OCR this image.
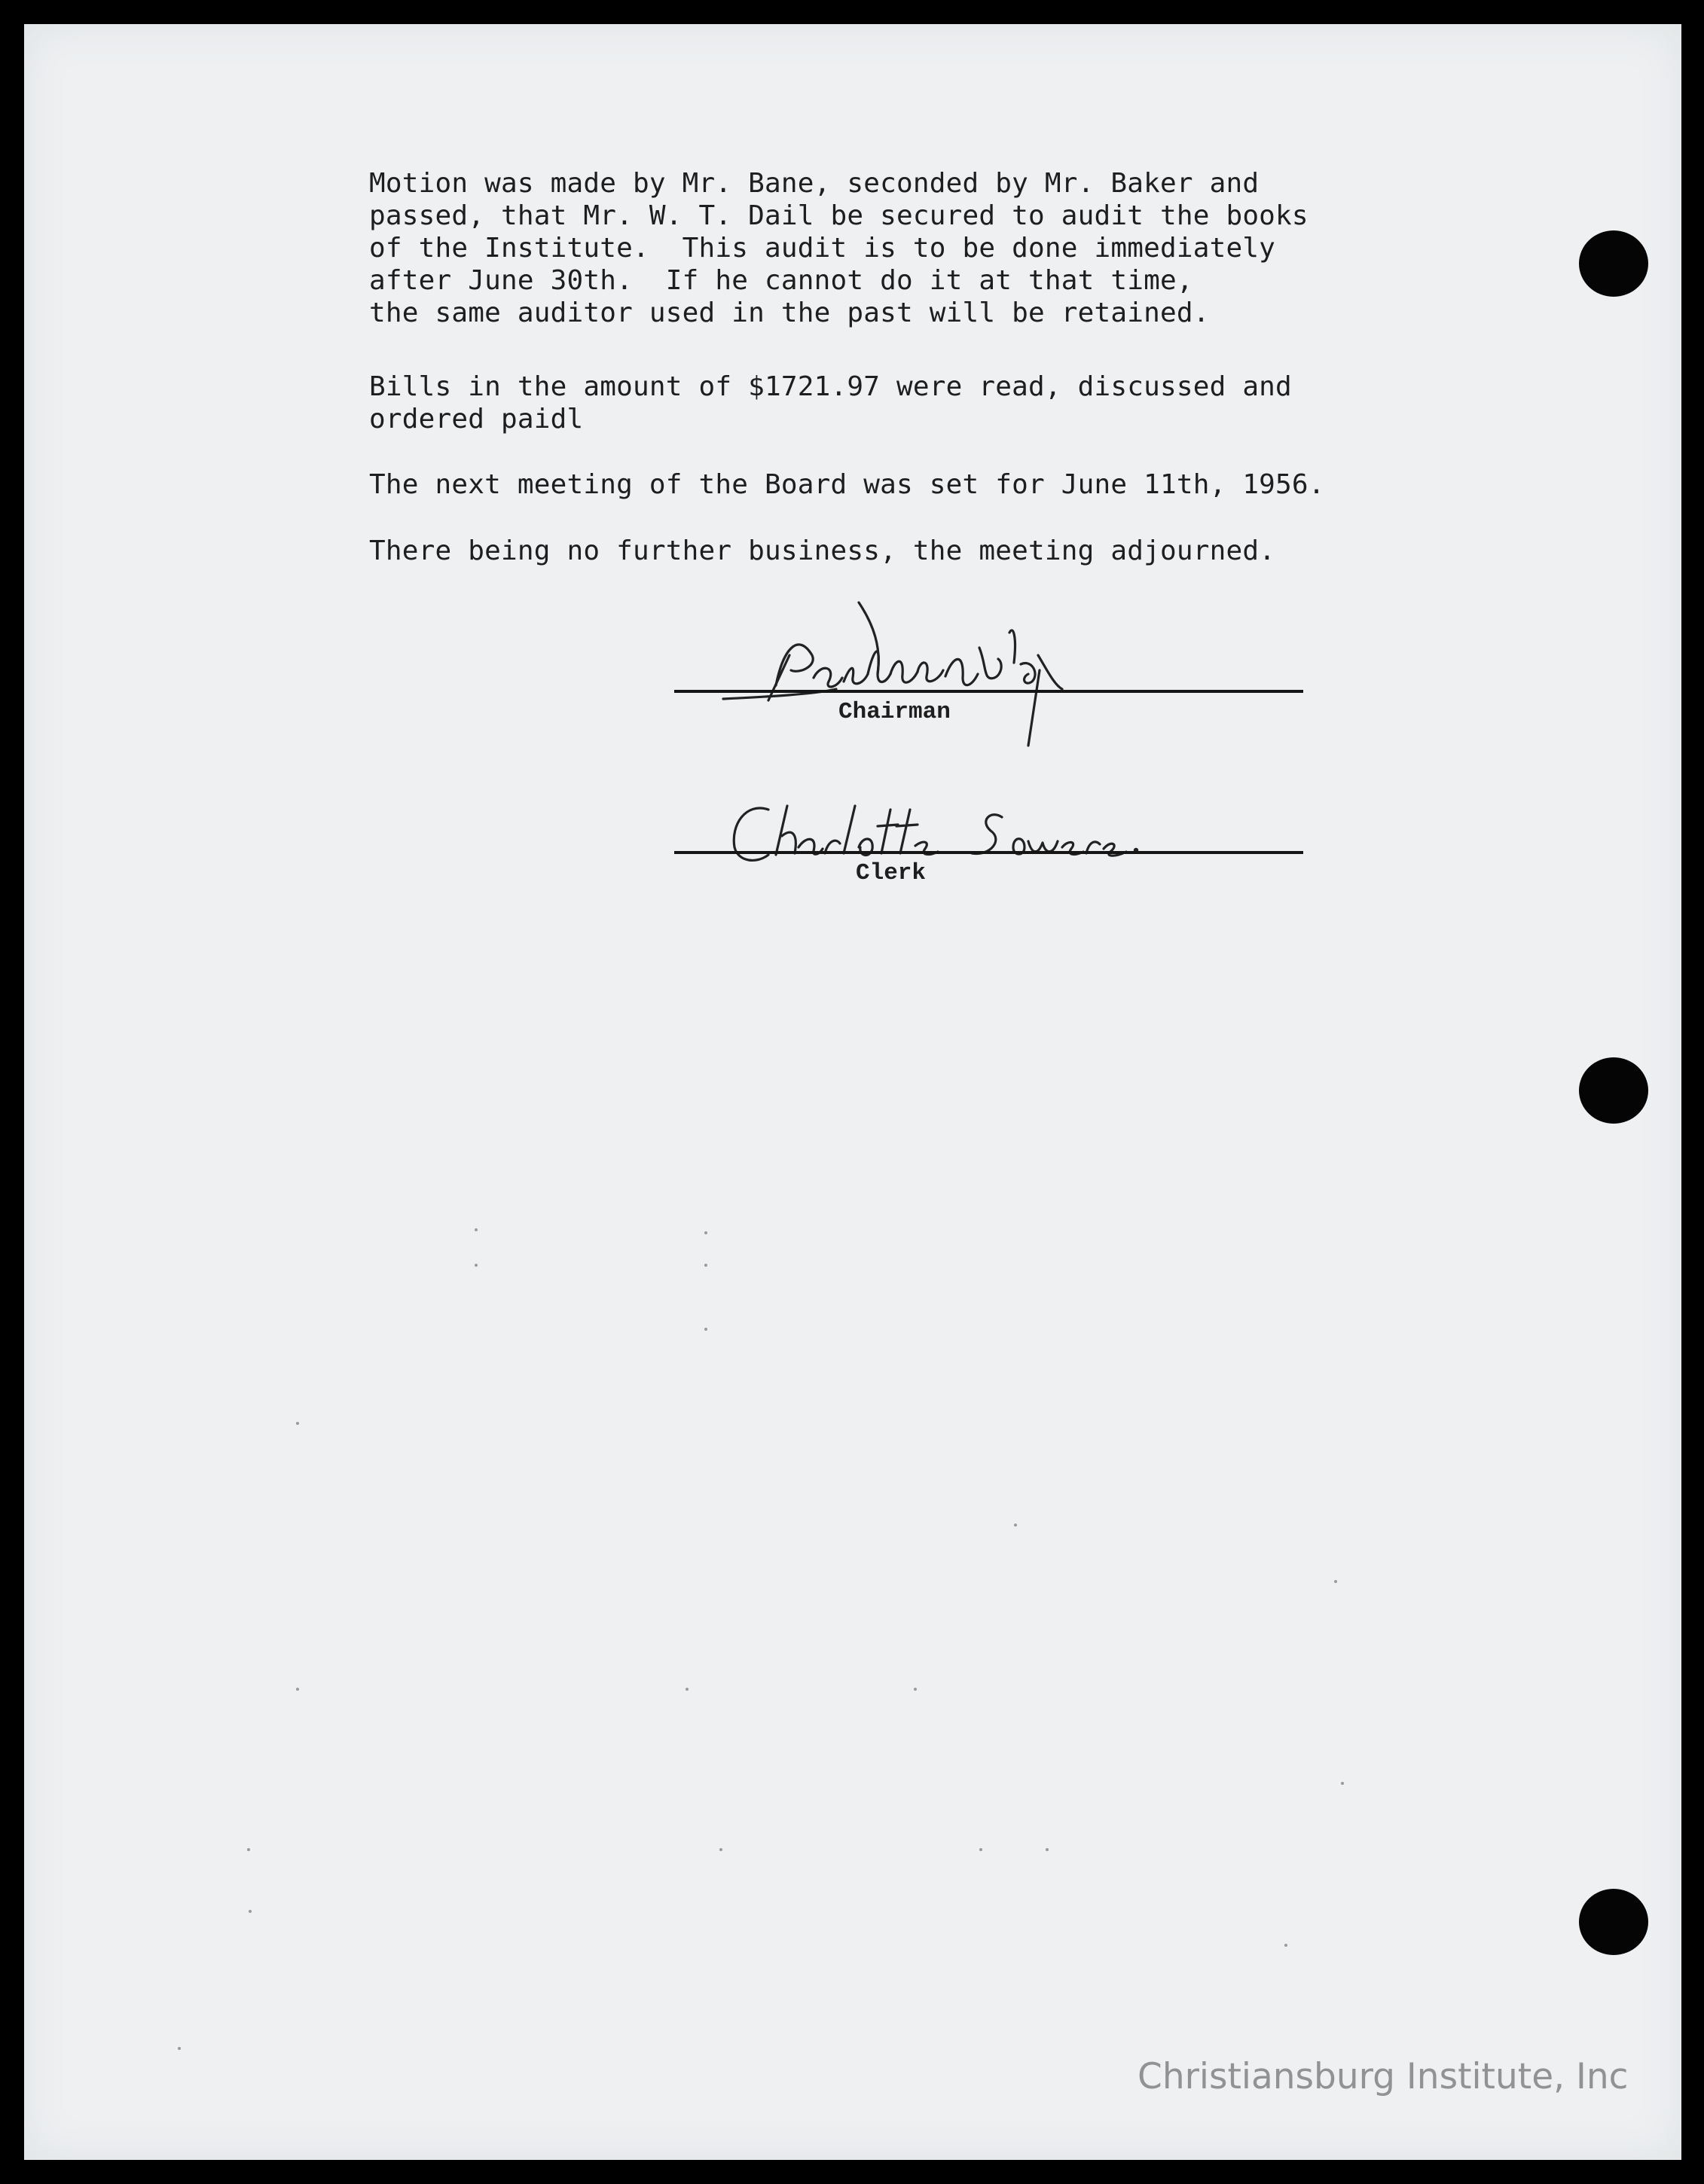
Motion was made by Mr. Bane, seconded by Mr. Baker and
passed, that Mr. W. T. Dail be secured to audit the books
of the Institute.  This audit is to be done immediately
after June 30th.  If he cannot do it at that time,
the same auditor used in the past will be retained.
Bills in the amount of $1721.97 were read, discussed and
ordered paidl
The next meeting of the Board was set for June 11th, 1956.
There being no further business, the meeting adjourned.
Chairman
Clerk
Christiansburg Institute, Inc
